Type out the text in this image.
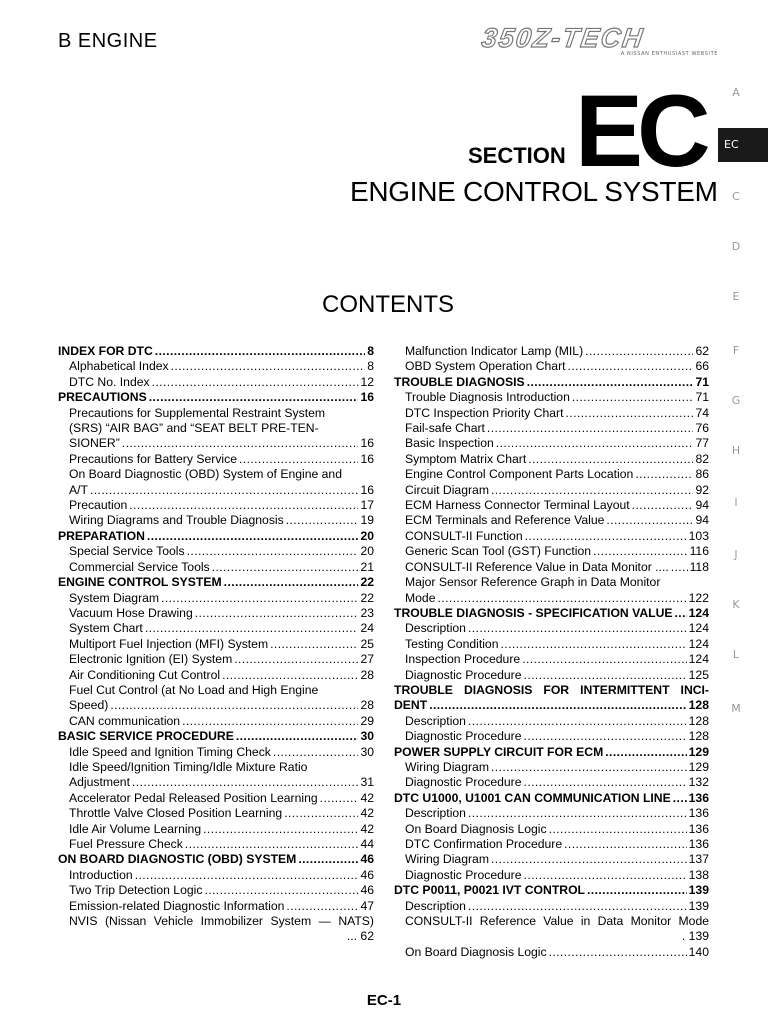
B ENGINE	350Z-TECH
A NISSAN ENTHUSIAST WEBSITE
SECTION EC
ENGINE CONTROL SYSTEM
CONTENTS
A
EC
C
D
E
F
G
H
I
J
K
L
M
INDEX FOR DTC .....	8
Alphabetical Index .....	8
DTC No. Index .....	12
PRECAUTIONS .....	16
Precautions for Supplemental Restraint System
(SRS) “AIR BAG” and “SEAT BELT PRE-TEN-
SIONER” .....	16
Precautions for Battery Service .....	16
On Board Diagnostic (OBD) System of Engine and
A/T .....	16
Precaution .....	17
Wiring Diagrams and Trouble Diagnosis .....	19
PREPARATION .....	20
Special Service Tools .....	20
Commercial Service Tools .....	21
ENGINE CONTROL SYSTEM .....	22
System Diagram .....	22
Vacuum Hose Drawing .....	23
System Chart .....	24
Multiport Fuel Injection (MFI) System .....	25
Electronic Ignition (EI) System .....	27
Air Conditioning Cut Control .....	28
Fuel Cut Control (at No Load and High Engine
Speed) .....	28
CAN communication .....	29
BASIC SERVICE PROCEDURE .....	30
Idle Speed and Ignition Timing Check .....	30
Idle Speed/Ignition Timing/Idle Mixture Ratio
Adjustment .....	31
Accelerator Pedal Released Position Learning .....	42
Throttle Valve Closed Position Learning .....	42
Idle Air Volume Learning .....	42
Fuel Pressure Check .....	44
ON BOARD DIAGNOSTIC (OBD) SYSTEM .....	46
Introduction .....	46
Two Trip Detection Logic .....	46
Emission-related Diagnostic Information .....	47
NVIS (Nissan Vehicle Immobilizer System — NATS)
... 62
Malfunction Indicator Lamp (MIL) .....	62
OBD System Operation Chart .....	66
TROUBLE DIAGNOSIS .....	71
Trouble Diagnosis Introduction .....	71
DTC Inspection Priority Chart .....	74
Fail-safe Chart .....	76
Basic Inspection .....	77
Symptom Matrix Chart .....	82
Engine Control Component Parts Location .....	86
Circuit Diagram .....	92
ECM Harness Connector Terminal Layout .....	94
ECM Terminals and Reference Value .....	94
CONSULT-II Function .....	103
Generic Scan Tool (GST) Function .....	116
CONSULT-II Reference Value in Data Monitor .... ..... 118
Major Sensor Reference Graph in Data Monitor
Mode .....	122
TROUBLE DIAGNOSIS - SPECIFICATION VALUE ..... 124
Description .....	124
Testing Condition .....	124
Inspection Procedure .....	124
Diagnostic Procedure .....	125
TROUBLE DIAGNOSIS FOR INTERMITTENT INCI-
DENT .....	128
Description .....	128
Diagnostic Procedure .....	128
POWER SUPPLY CIRCUIT FOR ECM .....	129
Wiring Diagram .....	129
Diagnostic Procedure .....	132
DTC U1000, U1001 CAN COMMUNICATION LINE ..... 136
Description .....	136
On Board Diagnosis Logic .....	136
DTC Confirmation Procedure .....	136
Wiring Diagram .....	137
Diagnostic Procedure .....	138
DTC P0011, P0021 IVT CONTROL .....	139
Description .....	139
CONSULT-II Reference Value in Data Monitor Mode
. 139
On Board Diagnosis Logic .....	140
EC-1
